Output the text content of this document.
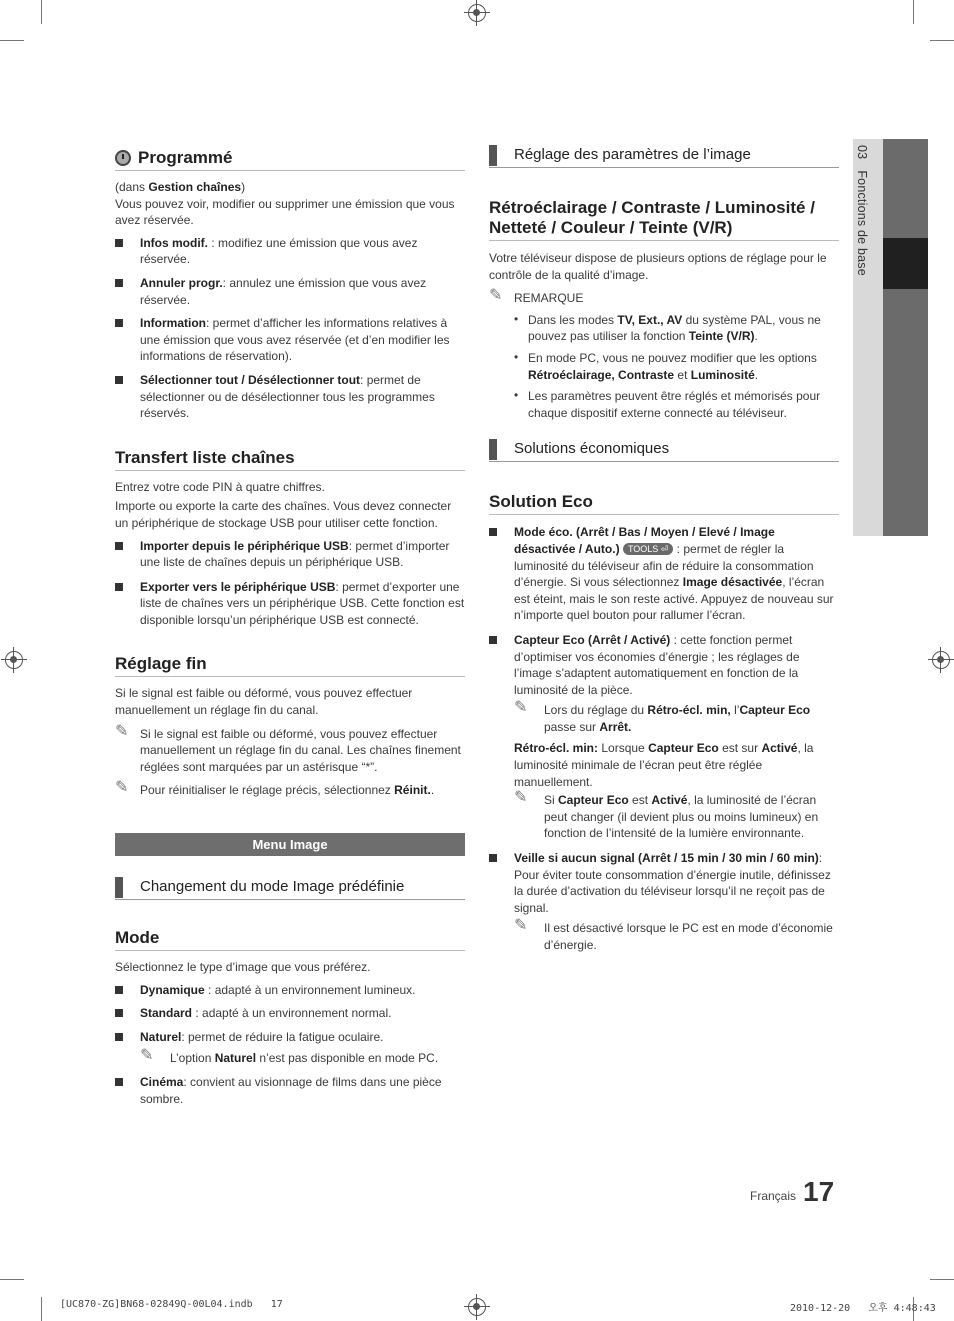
03   Fonctions de base
Programmé

(dans Gestion chaînes)

Vous pouvez voir, modifier ou supprimer une émission que vous avez réservée.

Infos modif. : modifiez une émission que vous avez réservée.
Annuler progr.: annulez une émission que vous avez réservée.
Information: permet d’afficher les informations relatives à une émission que vous avez réservée (et d’en modifier les informations de réservation).
Sélectionner tout / Désélectionner tout: permet de sélectionner ou de désélectionner tous les programmes réservés.
Transfert liste chaînes

Entrez votre code PIN à quatre chiffres.

Importe ou exporte la carte des chaînes. Vous devez connecter un périphérique de stockage USB pour utiliser cette fonction.

Importer depuis le périphérique USB: permet d’importer une liste de chaînes depuis un périphérique USB.
Exporter vers le périphérique USB: permet d’exporter une liste de chaînes vers un périphérique USB. Cette fonction est disponible lorsqu’un périphérique USB est connecté.
Réglage fin

Si le signal est faible ou déformé, vous pouvez effectuer manuellement un réglage fin du canal.

✎ Si le signal est faible ou déformé, vous pouvez effectuer manuellement un réglage fin du canal. Les chaînes finement réglées sont marquées par un astérisque “*”.
✎ Pour réinitialiser le réglage précis, sélectionnez Réinit..
Menu Image
Changement du mode Image prédéfinie
Mode

Sélectionnez le type d’image que vous préférez.

Dynamique : adapté à un environnement lumineux.
Standard : adapté à un environnement normal.
Naturel: permet de réduire la fatigue oculaire.
✎ L’option Naturel n’est pas disponible en mode PC.
Cinéma: convient au visionnage de films dans une pièce sombre.
Réglage des paramètres de l’image
Rétroéclairage / Contraste / Luminosité /
Netteté / Couleur / Teinte (V/R)

Votre téléviseur dispose de plusieurs options de réglage pour le contrôle de la qualité d’image.

✎ REMARQUE
• Dans les modes TV, Ext., AV du système PAL, vous ne pouvez pas utiliser la fonction Teinte (V/R).
• En mode PC, vous ne pouvez modifier que les options Rétroéclairage, Contraste et Luminosité.
• Les paramètres peuvent être réglés et mémorisés pour chaque dispositif externe connecté au téléviseur.
Solutions économiques
Solution Eco
Mode éco. (Arrêt / Bas / Moyen / Elevé / Image désactivée / Auto.) TOOLS ⏎ : permet de régler la luminosité du téléviseur afin de réduire la consommation d’énergie. Si vous sélectionnez Image désactivée, l’écran est éteint, mais le son reste activé. Appuyez de nouveau sur n’importe quel bouton pour rallumer l’écran.
Capteur Eco (Arrêt / Activé) : cette fonction permet d’optimiser vos économies d’énergie ; les réglages de l’image s’adaptent automatiquement en fonction de la luminosité de la pièce.
✎ Lors du réglage du Rétro-écl. min, l’Capteur Eco passe sur Arrêt.

Rétro-écl. min: Lorsque Capteur Eco est sur Activé, la luminosité minimale de l’écran peut être réglée manuellement.

✎ Si Capteur Eco est Activé, la luminosité de l’écran peut changer (il devient plus ou moins lumineux) en fonction de l’intensité de la lumière environnante.
Veille si aucun signal (Arrêt / 15 min / 30 min / 60 min): Pour éviter toute consommation d’énergie inutile, définissez la durée d’activation du téléviseur lorsqu’il ne reçoit pas de signal.
✎ Il est désactivé lorsque le PC est en mode d’économie d’énergie.
Français 17
[UC870-ZG]BN68-02849Q-00L04.indb   17	2010-12-20   오후 4:48:43
